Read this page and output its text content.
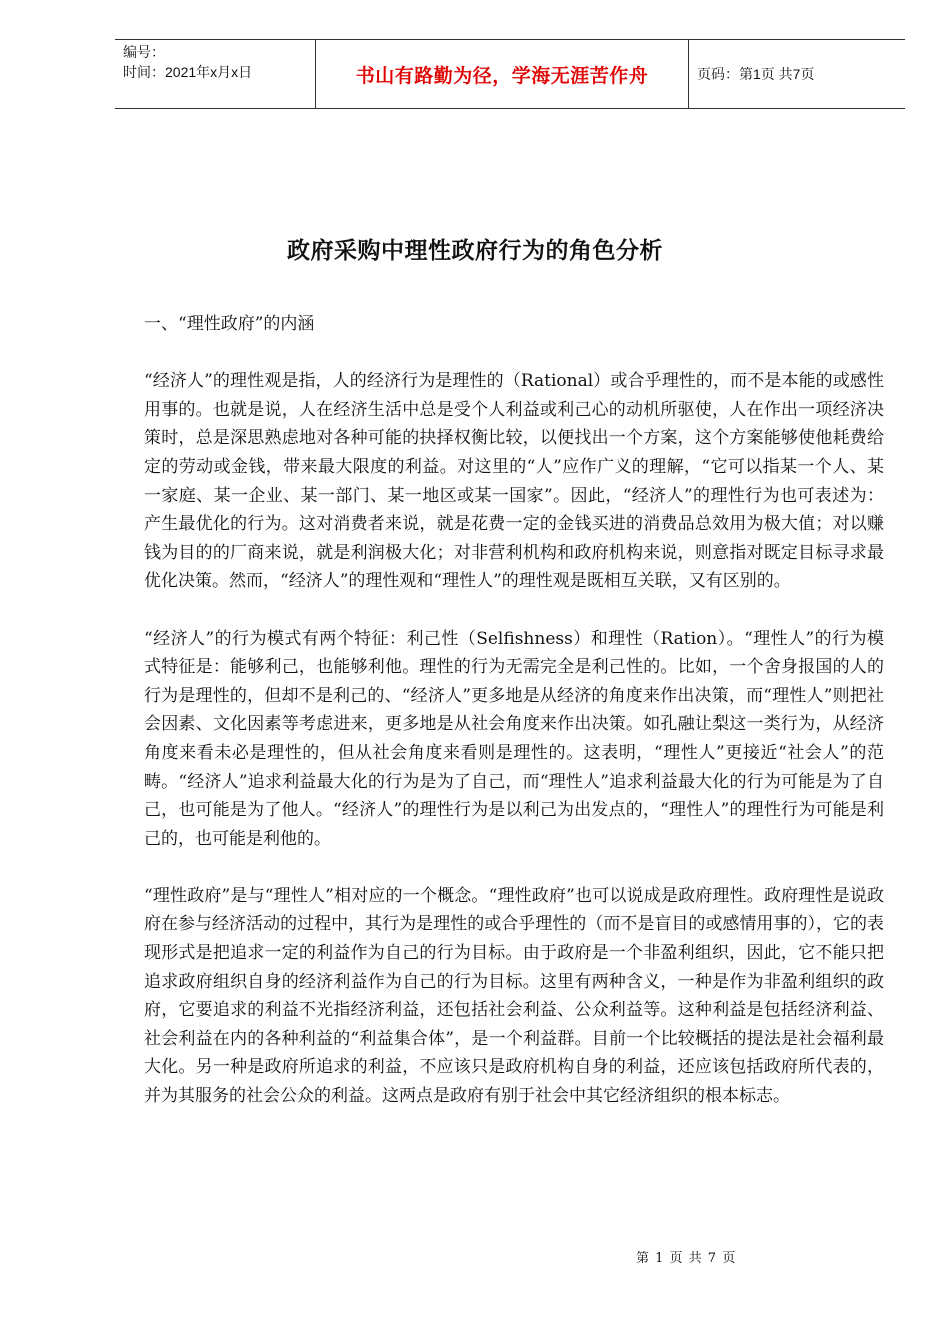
编号：
时间：2021年x月x日	书山有路勤为径，学海无涯苦作舟	页码：第1页 共7页
政府采购中理性政府行为的角色分析

一、“理性政府”的内涵

“经济人”的理性观是指，人的经济行为是理性的（Rational）或合乎理性的，而不是本能的或感性用事的。也就是说，人在经济生活中总是受个人利益或利己心的动机所驱使，人在作出一项经济决策时，总是深思熟虑地对各种可能的抉择权衡比较，以便找出一个方案，这个方案能够使他耗费给定的劳动或金钱，带来最大限度的利益。对这里的“人”应作广义的理解，“它可以指某一个人、某一家庭、某一企业、某一部门、某一地区或某一国家”。因此，“经济人”的理性行为也可表述为：产生最优化的行为。这对消费者来说，就是花费一定的金钱买进的消费品总效用为极大值；对以赚钱为目的的厂商来说，就是利润极大化；对非营利机构和政府机构来说，则意指对既定目标寻求最优化决策。然而，“经济人”的理性观和“理性人”的理性观是既相互关联，又有区别的。

“经济人”的行为模式有两个特征：利己性（Selfishness）和理性（Ration）。“理性人”的行为模式特征是：能够利己，也能够利他。理性的行为无需完全是利己性的。比如，一个舍身报国的人的行为是理性的，但却不是利己的、“经济人”更多地是从经济的角度来作出决策，而“理性人”则把社会因素、文化因素等考虑进来，更多地是从社会角度来作出决策。如孔融让梨这一类行为，从经济角度来看未必是理性的，但从社会角度来看则是理性的。这表明，“理性人”更接近“社会人”的范畴。“经济人”追求利益最大化的行为是为了自己，而“理性人”追求利益最大化的行为可能是为了自己，也可能是为了他人。“经济人”的理性行为是以利己为出发点的，“理性人”的理性行为可能是利己的，也可能是利他的。

“理性政府”是与“理性人”相对应的一个概念。“理性政府”也可以说成是政府理性。政府理性是说政府在参与经济活动的过程中，其行为是理性的或合乎理性的（而不是盲目的或感情用事的），它的表现形式是把追求一定的利益作为自己的行为目标。由于政府是一个非盈利组织，因此，它不能只把追求政府组织自身的经济利益作为自己的行为目标。这里有两种含义，一种是作为非盈利组织的政府，它要追求的利益不光指经济利益，还包括社会利益、公众利益等。这种利益是包括经济利益、社会利益在内的各种利益的“利益集合体”，是一个利益群。目前一个比较概括的提法是社会福利最大化。另一种是政府所追求的利益，不应该只是政府机构自身的利益，还应该包括政府所代表的，并为其服务的社会公众的利益。这两点是政府有别于社会中其它经济组织的根本标志。

第 1 页 共 7 页
